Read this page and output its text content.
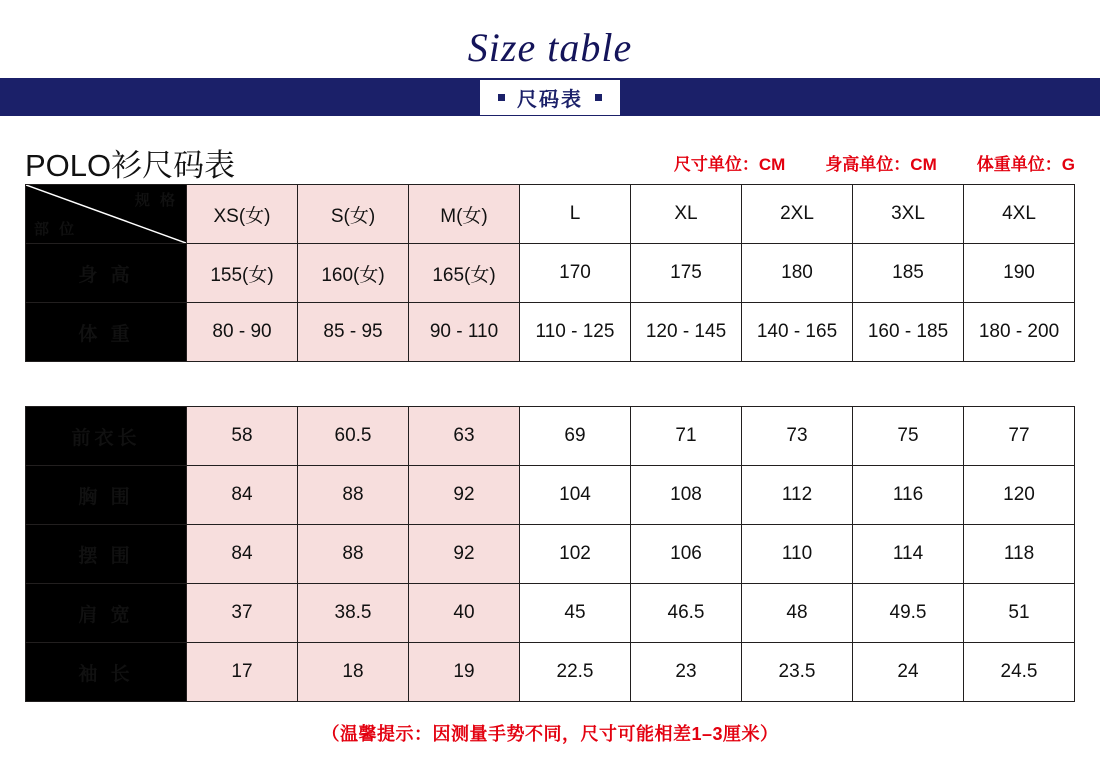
Size table
尺码表
POLO衫尺码表	尺寸单位：CM 身高单位：CM 体重单位：G
规 格
部 位	XS(女)	S(女)	M(女)	L	XL	2XL	3XL	4XL
身 高	155(女)	160(女)	165(女)	170	175	180	185	190
体 重	80 - 90	85 - 95	90 - 110	110 - 125	120 - 145	140 - 165	160 - 185	180 - 200
前衣长	58	60.5	63	69	71	73	75	77
胸 围	84	88	92	104	108	112	116	120
摆 围	84	88	92	102	106	110	114	118
肩 宽	37	38.5	40	45	46.5	48	49.5	51
袖 长	17	18	19	22.5	23	23.5	24	24.5
（温馨提示：因测量手势不同，尺寸可能相差1–3厘米）
